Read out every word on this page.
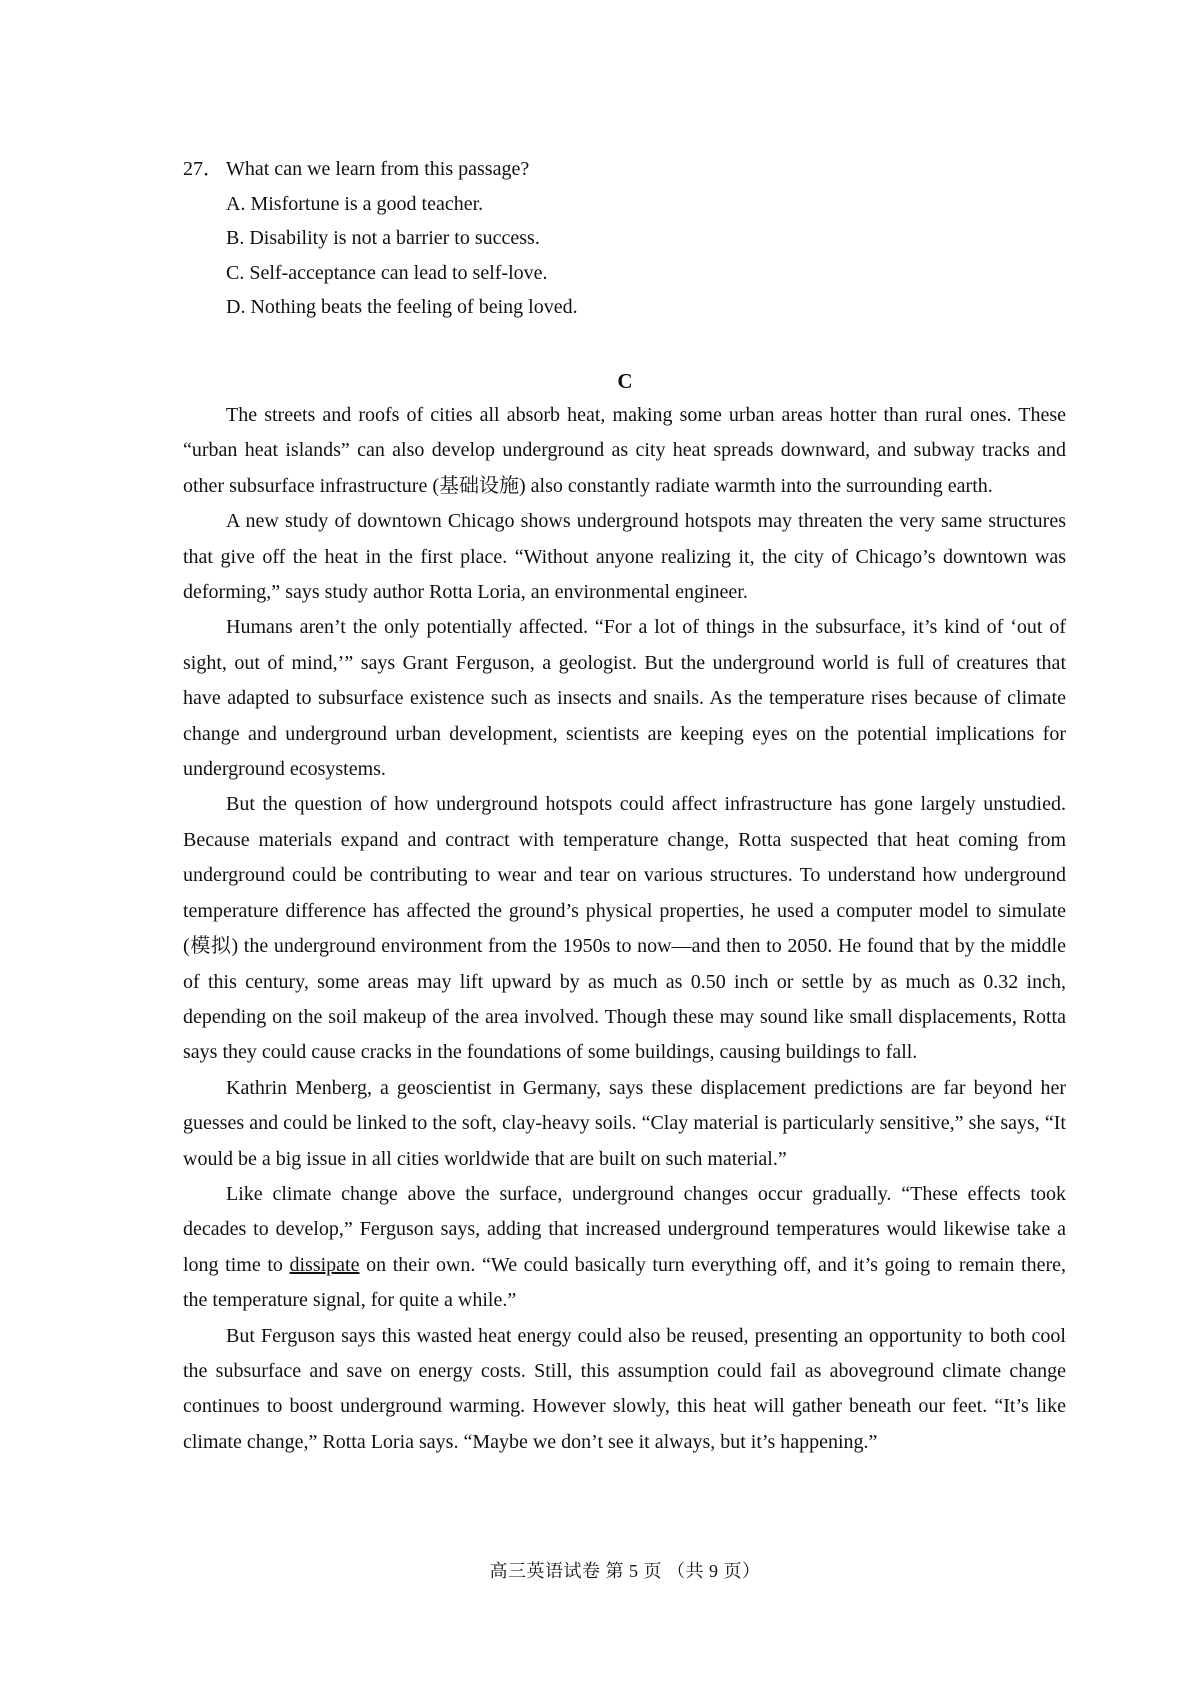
27． What can we learn from this passage?
A. Misfortune is a good teacher.
B. Disability is not a barrier to success.
C. Self-acceptance can lead to self-love.
D. Nothing beats the feeling of being loved.
C

The streets and roofs of cities all absorb heat, making some urban areas hotter than rural ones. These “urban heat islands” can also develop underground as city heat spreads downward, and subway tracks and other subsurface infrastructure (基础设施) also constantly radiate warmth into the surrounding earth.

A new study of downtown Chicago shows underground hotspots may threaten the very same structures that give off the heat in the first place. “Without anyone realizing it, the city of Chicago’s downtown was deforming,” says study author Rotta Loria, an environmental engineer.

Humans aren’t the only potentially affected. “For a lot of things in the subsurface, it’s kind of ‘out of sight, out of mind,’” says Grant Ferguson, a geologist. But the underground world is full of creatures that have adapted to subsurface existence such as insects and snails. As the temperature rises because of climate change and underground urban development, scientists are keeping eyes on the potential implications for underground ecosystems.

But the question of how underground hotspots could affect infrastructure has gone largely unstudied. Because materials expand and contract with temperature change, Rotta suspected that heat coming from underground could be contributing to wear and tear on various structures. To understand how underground temperature difference has affected the ground’s physical properties, he used a computer model to simulate (模拟) the underground environment from the 1950s to now—and then to 2050. He found that by the middle of this century, some areas may lift upward by as much as 0.50 inch or settle by as much as 0.32 inch, depending on the soil makeup of the area involved. Though these may sound like small displacements, Rotta says they could cause cracks in the foundations of some buildings, causing buildings to fall.

Kathrin Menberg, a geoscientist in Germany, says these displacement predictions are far beyond her guesses and could be linked to the soft, clay-heavy soils. “Clay material is particularly sensitive,” she says, “It would be a big issue in all cities worldwide that are built on such material.”

Like climate change above the surface, underground changes occur gradually. “These effects took decades to develop,” Ferguson says, adding that increased underground temperatures would likewise take a long time to dissipate on their own. “We could basically turn everything off, and it’s going to remain there, the temperature signal, for quite a while.”

But Ferguson says this wasted heat energy could also be reused, presenting an opportunity to both cool the subsurface and save on energy costs. Still, this assumption could fail as aboveground climate change continues to boost underground warming. However slowly, this heat will gather beneath our feet. “It’s like climate change,” Rotta Loria says. “Maybe we don’t see it always, but it’s happening.”

高三英语试卷 第 5 页 （共 9 页）
